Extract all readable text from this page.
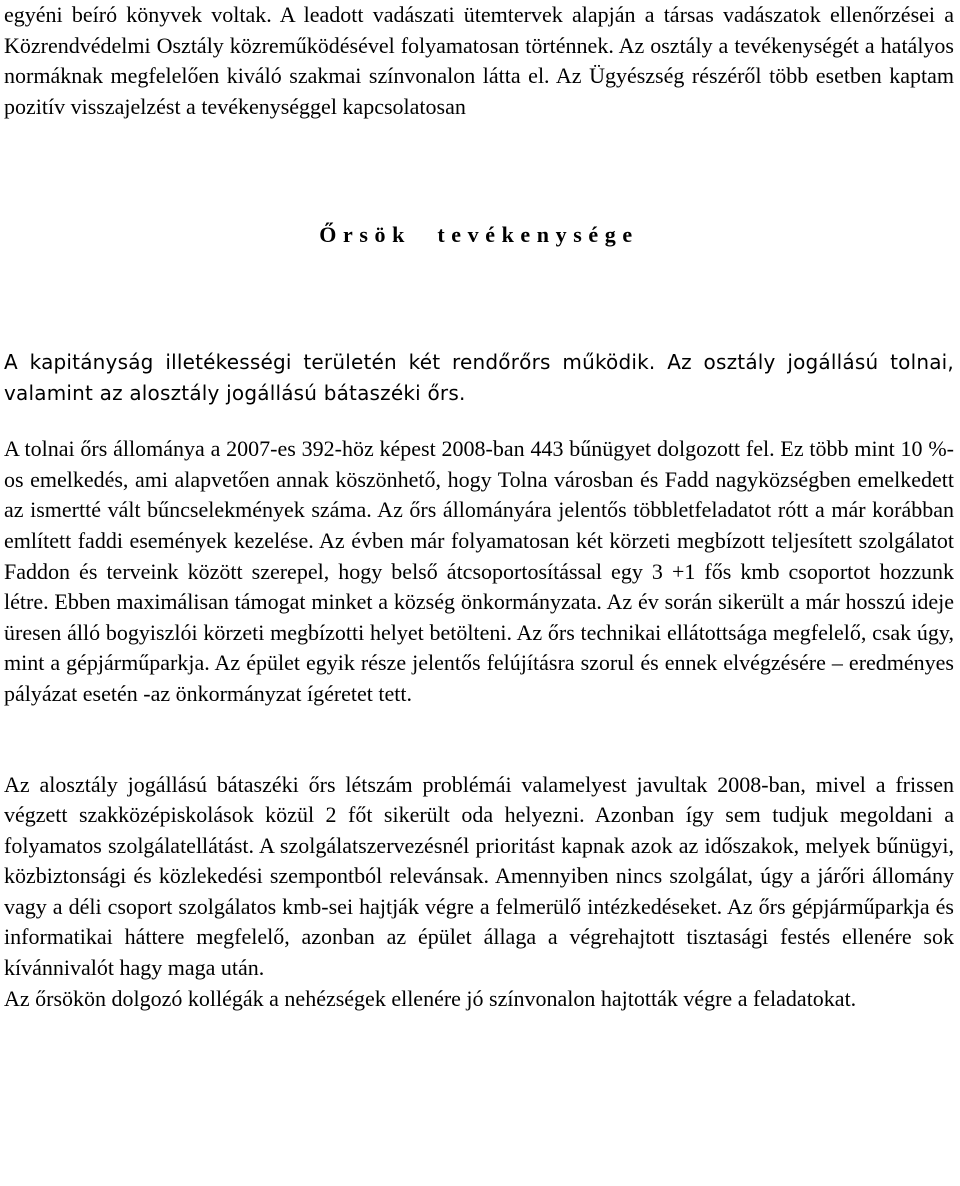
egyéni beíró könyvek voltak. A leadott vadászati ütemtervek alapján a társas vadászatok ellenőrzései a Közrendvédelmi Osztály közreműködésével folyamatosan történnek. Az osztály a tevékenységét a hatályos normáknak megfelelően kiváló szakmai színvonalon látta el. Az Ügyészség részéről több esetben kaptam pozitív visszajelzést a tevékenységgel kapcsolatosan

Őrsök tevékenysége

A kapitányság illetékességi területén két rendőrőrs működik. Az osztály jogállású tolnai, valamint az alosztály jogállású bátaszéki őrs.

A tolnai őrs állománya a 2007-es 392-höz képest 2008-ban 443 bűnügyet dolgozott fel. Ez több mint 10 %-os emelkedés, ami alapvetően annak köszönhető, hogy Tolna városban és Fadd nagyközségben emelkedett az ismertté vált bűncselekmények száma. Az őrs állományára jelentős többletfeladatot rótt a már korábban említett faddi események kezelése. Az évben már folyamatosan két körzeti megbízott teljesített szolgálatot Faddon és terveink között szerepel, hogy belső átcsoportosítással egy 3 +1 fős kmb csoportot hozzunk létre. Ebben maximálisan támogat minket a község önkormányzata. Az év során sikerült a már hosszú ideje üresen álló bogyiszlói körzeti megbízotti helyet betölteni. Az őrs technikai ellátottsága megfelelő, csak úgy, mint a gépjárműparkja. Az épület egyik része jelentős felújításra szorul és ennek elvégzésére – eredményes pályázat esetén -az önkormányzat ígéretet tett.

Az alosztály jogállású bátaszéki őrs létszám problémái valamelyest javultak 2008-ban, mivel a frissen végzett szakközépiskolások közül 2 főt sikerült oda helyezni. Azonban így sem tudjuk megoldani a folyamatos szolgálatellátást. A szolgálatszervezésnél prioritást kapnak azok az időszakok, melyek bűnügyi, közbiztonsági és közlekedési szempontból relevánsak. Amennyiben nincs szolgálat, úgy a járőri állomány vagy a déli csoport szolgálatos kmb-sei hajtják végre a felmerülő intézkedéseket. Az őrs gépjárműparkja és informatikai háttere megfelelő, azonban az épület állaga a végrehajtott tisztasági festés ellenére sok kívánnivalót hagy maga után.

Az őrsökön dolgozó kollégák a nehézségek ellenére jó színvonalon hajtották végre a feladatokat.
